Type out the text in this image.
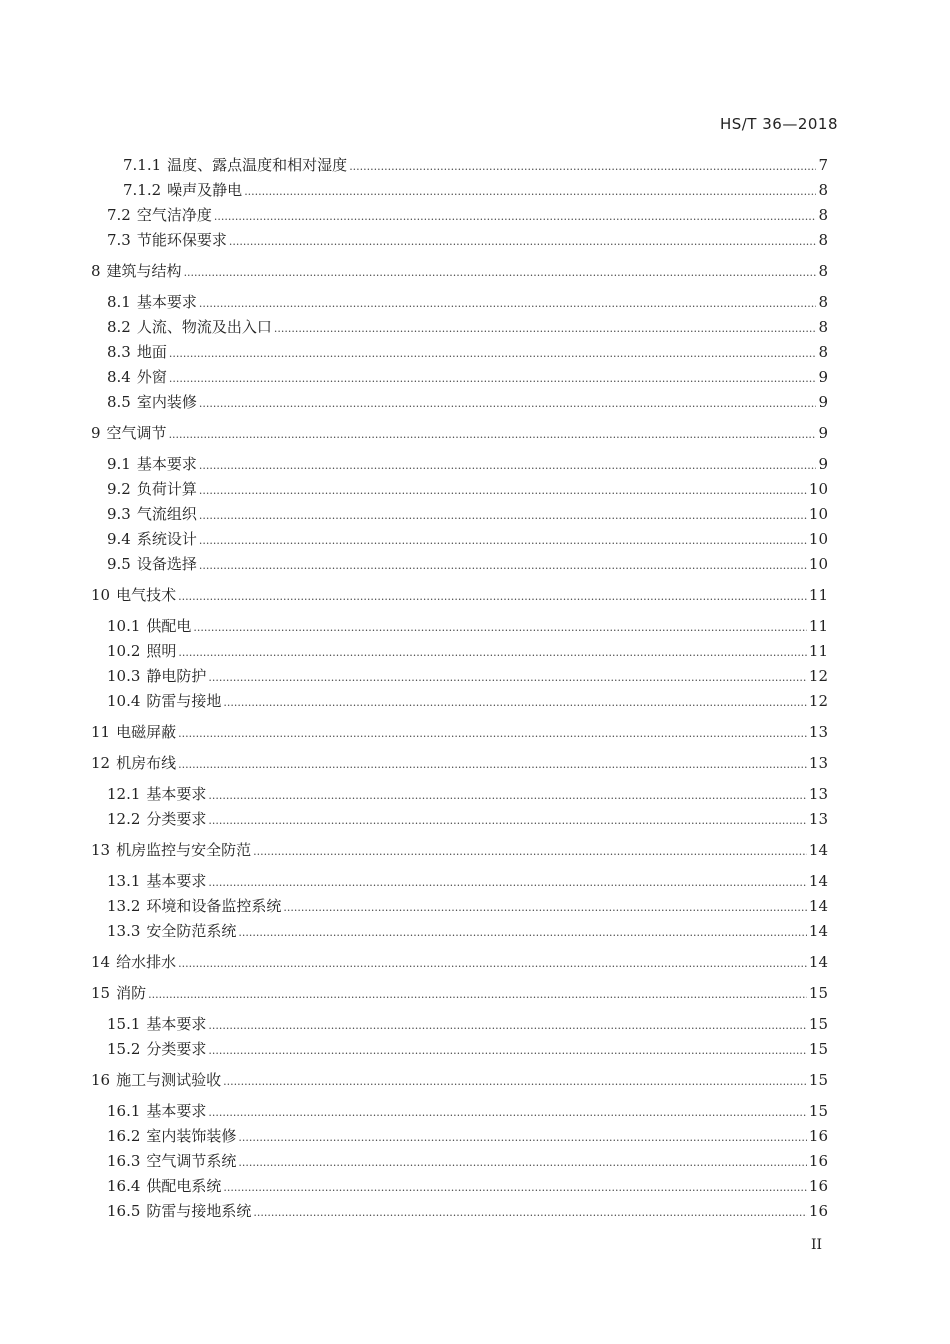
HS/T 36—2018
7.1.1 温度、露点温度和相对湿度 .....	7
7.1.2 噪声及静电 .....	8
7.2 空气洁净度 .....	8
7.3 节能环保要求 .....	8
8 建筑与结构 .....	8
8.1 基本要求 .....	8
8.2 人流、物流及出入口 .....	8
8.3 地面 .....	8
8.4 外窗 .....	9
8.5 室内装修 .....	9
9 空气调节 .....	9
9.1 基本要求 .....	9
9.2 负荷计算 .....	10
9.3 气流组织 .....	10
9.4 系统设计 .....	10
9.5 设备选择 .....	10
10 电气技术 .....	11
10.1 供配电 .....	11
10.2 照明 .....	11
10.3 静电防护 .....	12
10.4 防雷与接地 .....	12
11 电磁屏蔽 .....	13
12 机房布线 .....	13
12.1 基本要求 .....	13
12.2 分类要求 .....	13
13 机房监控与安全防范 .....	14
13.1 基本要求 .....	14
13.2 环境和设备监控系统 .....	14
13.3 安全防范系统 .....	14
14 给水排水 .....	14
15 消防 .....	15
15.1 基本要求 .....	15
15.2 分类要求 .....	15
16 施工与测试验收 .....	15
16.1 基本要求 .....	15
16.2 室内装饰装修 .....	16
16.3 空气调节系统 .....	16
16.4 供配电系统 .....	16
16.5 防雷与接地系统 .....	16
II
